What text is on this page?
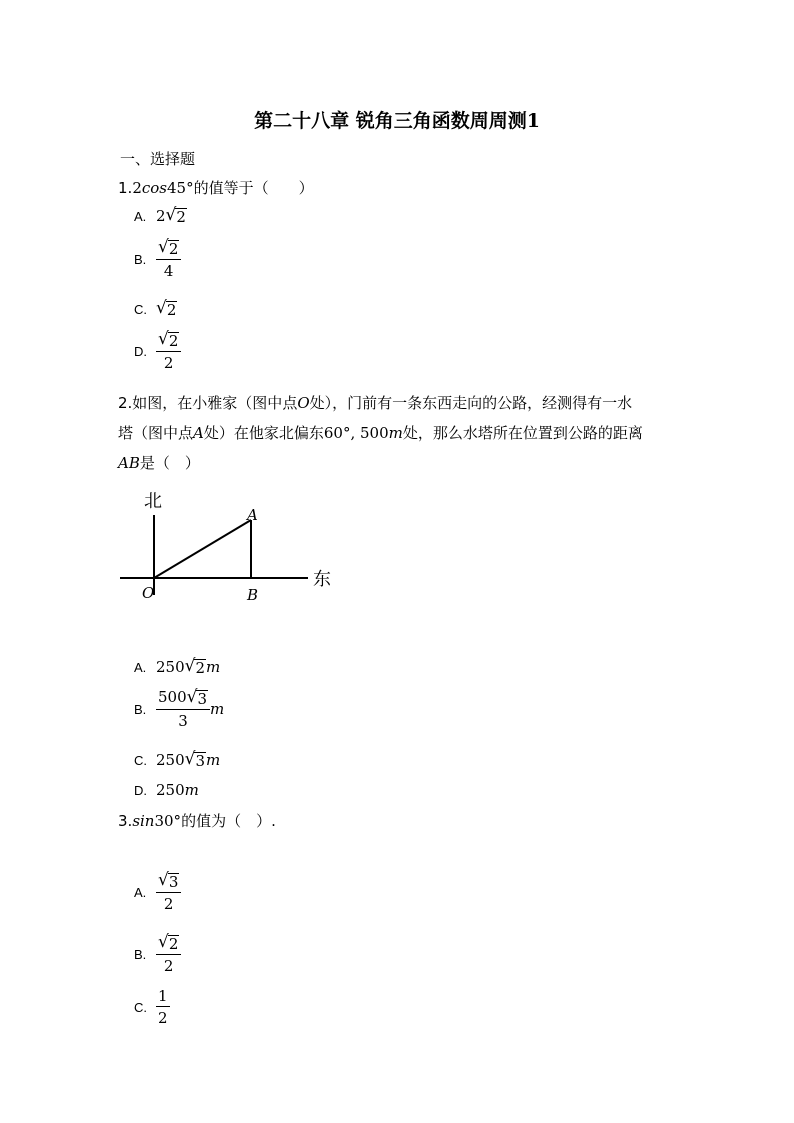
第二十八章 锐角三角函数周周测1
一、选择题
1.2cos45°的值等于（　　）
A. 2 √ 2
B. $\frac{√ 2}{4}$
C. √ 2
D. $\frac{√ 2}{2}$
2.如图，在小雅家（图中点O处），门前有一条东西走向的公路，经测得有一水
塔（图中点A处）在他家北偏东60°, 500m处，那么水塔所在位置到公路的距离
AB是（　）
北
东
A
O	B
A. 250 √ 2 m
B. $\frac{500 √ 3}{3}$ m
C. 250 √ 3 m
D. 250 m
3.sin30°的值为（　）.
A. $\frac{√ 3}{2}$
B. $\frac{√ 2}{2}$
C. $\frac{1}{2}$
